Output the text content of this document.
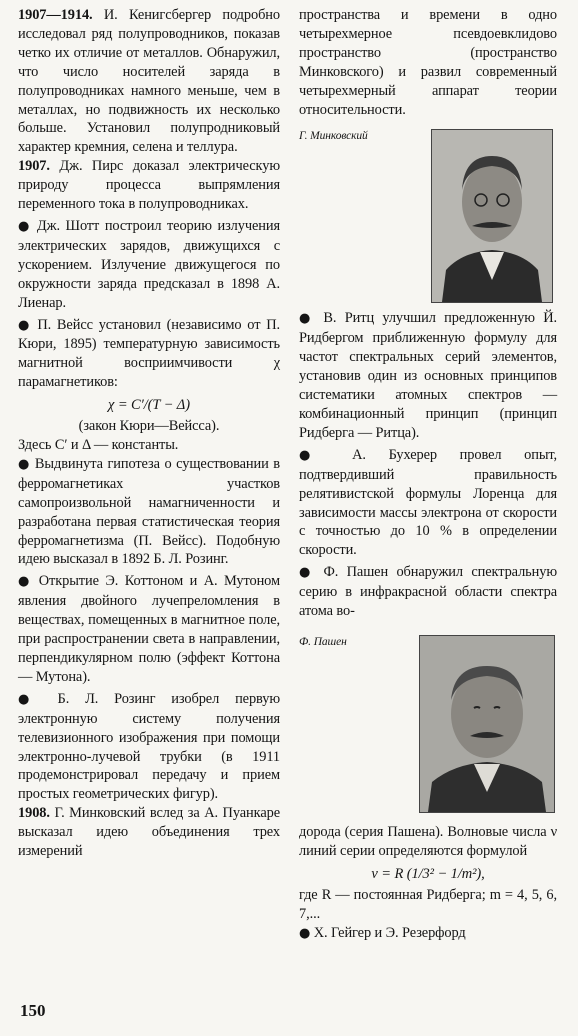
1907—1914. И. Кенигсбергер подробно исследовал ряд полупроводников, показав четко их отличие от металлов. Обнаружил, что число носителей заряда в полупроводниках намного меньше, чем в металлах, но подвижность их несколько больше. Установил полупродниковый характер кремния, селена и теллура.

1907. Дж. Пирс доказал электрическую природу процесса выпрямления переменного тока в полупроводниках.

● Дж. Шотт построил теорию излучения электрических зарядов, движущихся с ускорением. Излучение движущегося по окружности заряда предсказал в 1898 А. Лиенар.

● П. Вейсс установил (независимо от П. Кюри, 1895) температурную зависимость магнитной восприимчивости χ парамагнетиков:

χ = C′/(T − Δ)

(закон Кюри—Вейсса).

Здесь C′ и Δ — константы.

● Выдвинута гипотеза о существовании в ферромагнетиках участков самопроизвольной намагниченности и разработана первая статистическая теория ферромагнетизма (П. Вейсс). Подобную идею высказал в 1892 Б. Л. Розинг.

● Открытие Э. Коттоном и А. Мутоном явления двойного лучепреломления в веществах, помещенных в магнитное поле, при распространении света в направлении, перпендикулярном полю (эффект Коттона — Мутона).

● Б. Л. Розинг изобрел первую электронную систему получения телевизионного изображения при помощи электронно-лучевой трубки (в 1911 продемонстрировал передачу и прием простых геометрических фигур).

1908. Г. Минковский вслед за А. Пуанкаре высказал идею объединения трех измерений

пространства и времени в одно четырехмерное псевдоевклидово пространство (пространство Минковского) и развил современный четырехмерный аппарат теории относительности.

Г. Минковский

● В. Ритц улучшил предложенную Й. Ридбергом приближенную формулу для частот спектральных серий элементов, установив один из основных принципов систематики атомных спектров — комбинационный принцип (принцип Ридберга — Ритца).

● А. Бухерер провел опыт, подтвердивший правильность релятивистской формулы Лоренца для зависимости массы электрона от скорости с точностью до 10 % в определении скорости.

● Ф. Пашен обнаружил спектральную серию в инфракрасной области спектра атома во-

Ф. Пашен

дорода (серия Пашена). Волновые числа ν линий серии определяются формулой

ν = R (1/3² − 1/m²),

где R — постоянная Ридберга; m = 4, 5, 6, 7,...

● Х. Гейгер и Э. Резерфорд

150
